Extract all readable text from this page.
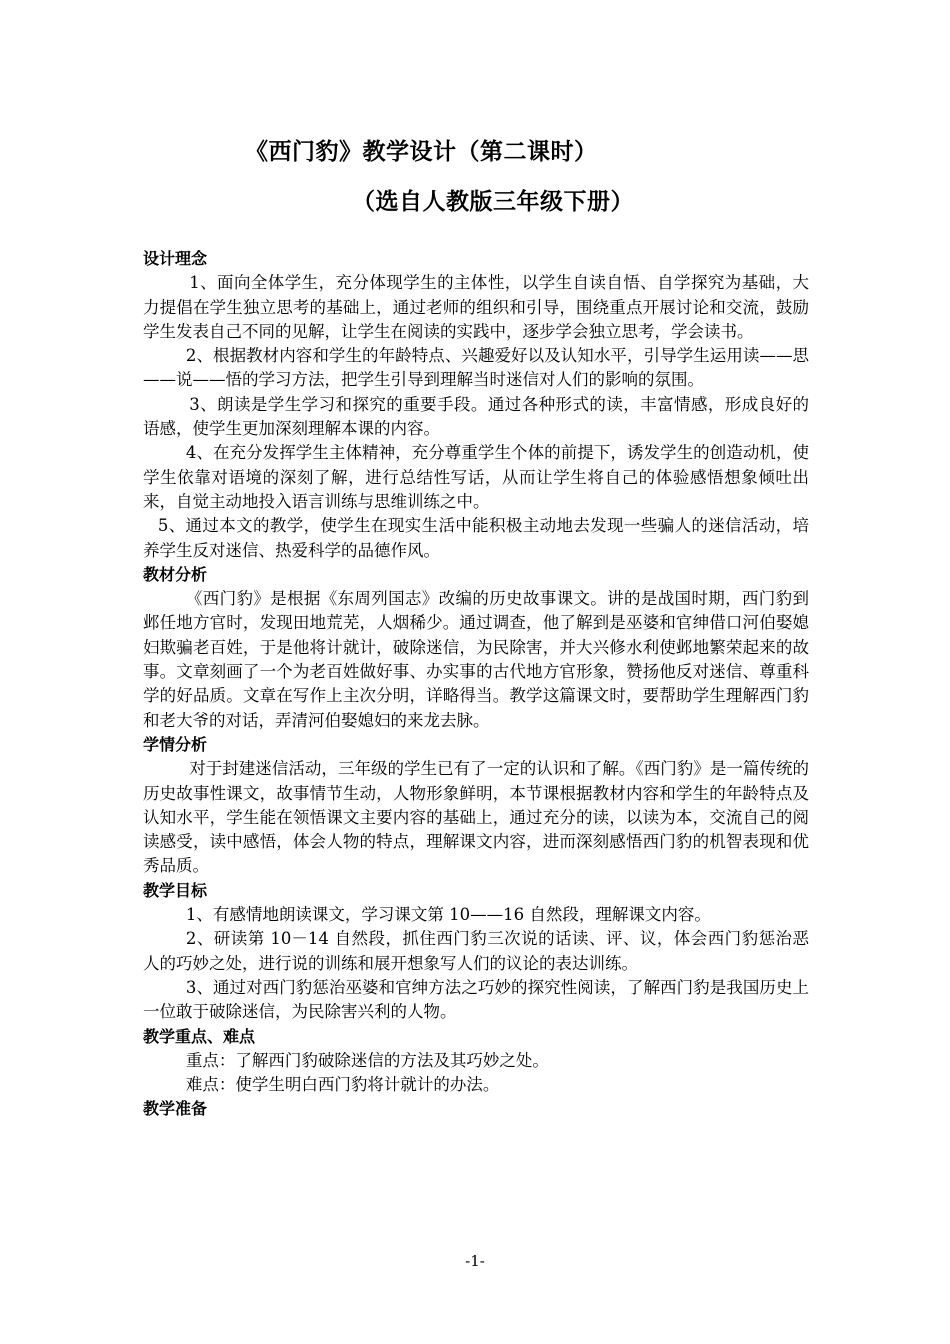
《西门豹》教学设计（第二课时）
（选自人教版三年级下册）

设计理念

1、面向全体学生，充分体现学生的主体性，以学生自读自悟、自学探究为基础，大力提倡在学生独立思考的基础上，通过老师的组织和引导，围绕重点开展讨论和交流，鼓励学生发表自己不同的见解，让学生在阅读的实践中，逐步学会独立思考，学会读书。

2、根据教材内容和学生的年龄特点、兴趣爱好以及认知水平，引导学生运用读——思——说——悟的学习方法，把学生引导到理解当时迷信对人们的影响的氛围。

3、朗读是学生学习和探究的重要手段。通过各种形式的读，丰富情感，形成良好的语感，使学生更加深刻理解本课的内容。

4、在充分发挥学生主体精神，充分尊重学生个体的前提下，诱发学生的创造动机，使学生依靠对语境的深刻了解，进行总结性写话，从而让学生将自己的体验感悟想象倾吐出来，自觉主动地投入语言训练与思维训练之中。

5、通过本文的教学，使学生在现实生活中能积极主动地去发现一些骗人的迷信活动，培养学生反对迷信、热爱科学的品德作风。

教材分析

《西门豹》是根据《东周列国志》改编的历史故事课文。讲的是战国时期，西门豹到邺任地方官时，发现田地荒芜，人烟稀少。通过调查，他了解到是巫婆和官绅借口河伯娶媳妇欺骗老百姓，于是他将计就计，破除迷信，为民除害，并大兴修水利使邺地繁荣起来的故事。文章刻画了一个为老百姓做好事、办实事的古代地方官形象，赞扬他反对迷信、尊重科学的好品质。文章在写作上主次分明，详略得当。教学这篇课文时，要帮助学生理解西门豹和老大爷的对话，弄清河伯娶媳妇的来龙去脉。

学情分析

对于封建迷信活动，三年级的学生已有了一定的认识和了解。《西门豹》是一篇传统的历史故事性课文，故事情节生动，人物形象鲜明，本节课根据教材内容和学生的年龄特点及认知水平，学生能在领悟课文主要内容的基础上，通过充分的读，以读为本，交流自己的阅读感受，读中感悟，体会人物的特点，理解课文内容，进而深刻感悟西门豹的机智表现和优秀品质。

教学目标

1、有感情地朗读课文，学习课文第 10——16 自然段，理解课文内容。

2、研读第 10－14 自然段，抓住西门豹三次说的话读、评、议，体会西门豹惩治恶人的巧妙之处，进行说的训练和展开想象写人们的议论的表达训练。

3、通过对西门豹惩治巫婆和官绅方法之巧妙的探究性阅读，了解西门豹是我国历史上一位敢于破除迷信，为民除害兴利的人物。

教学重点、难点

重点：了解西门豹破除迷信的方法及其巧妙之处。

难点：使学生明白西门豹将计就计的办法。

教学准备

-1-
